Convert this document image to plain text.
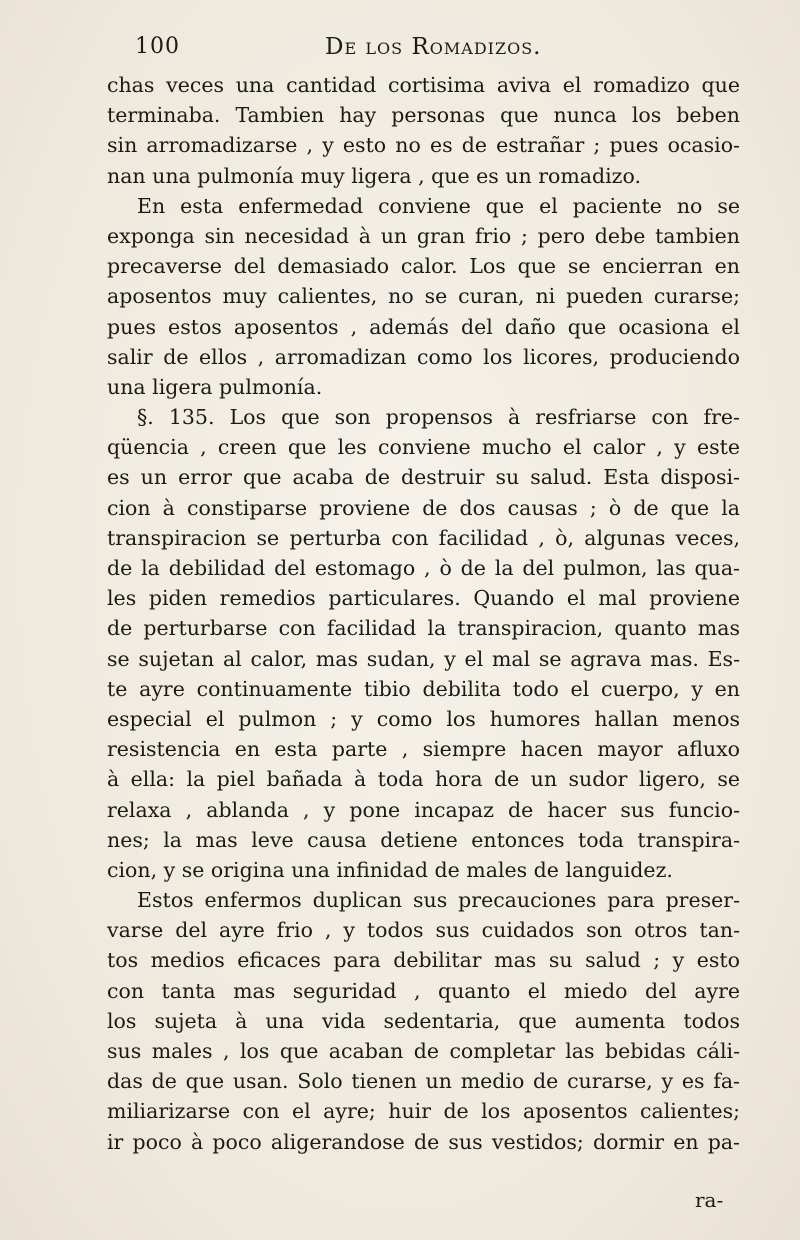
100	De los Romadizos.
chas veces una cantidad cortisima aviva el romadizo que
terminaba. Tambien hay personas que nunca los beben
sin arromadizarse , y esto no es de estrañar ; pues ocasio-
nan una pulmonía muy ligera , que es un romadizo.
En esta enfermedad conviene que el paciente no se
exponga sin necesidad à un gran frio ; pero debe tambien
precaverse del demasiado calor. Los que se encierran en
aposentos muy calientes, no se curan, ni pueden curarse;
pues estos aposentos , además del daño que ocasiona el
salir de ellos , arromadizan como los licores, produciendo
una ligera pulmonía.
§. 135. Los que son propensos à resfriarse con fre-
qüencia , creen que les conviene mucho el calor , y este
es un error que acaba de destruir su salud. Esta disposi-
cion à constiparse proviene de dos causas ; ò de que la
transpiracion se perturba con facilidad , ò, algunas veces,
de la debilidad del estomago , ò de la del pulmon, las qua-
les piden remedios particulares. Quando el mal proviene
de perturbarse con facilidad la transpiracion, quanto mas
se sujetan al calor, mas sudan, y el mal se agrava mas. Es-
te ayre continuamente tibio debilita todo el cuerpo, y en
especial el pulmon ; y como los humores hallan menos
resistencia en esta parte , siempre hacen mayor afluxo
à ella: la piel bañada à toda hora de un sudor ligero, se
relaxa , ablanda , y pone incapaz de hacer sus funcio-
nes; la mas leve causa detiene entonces toda transpira-
cion, y se origina una infinidad de males de languidez.
Estos enfermos duplican sus precauciones para preser-
varse del ayre frio , y todos sus cuidados son otros tan-
tos medios eficaces para debilitar mas su salud ; y esto
con tanta mas seguridad , quanto el miedo del ayre
los sujeta à una vida sedentaria, que aumenta todos
sus males , los que acaban de completar las bebidas cáli-
das de que usan. Solo tienen un medio de curarse, y es fa-
miliarizarse con el ayre; huir de los aposentos calientes;
ir poco à poco aligerandose de sus vestidos; dormir en pa-
ra-
